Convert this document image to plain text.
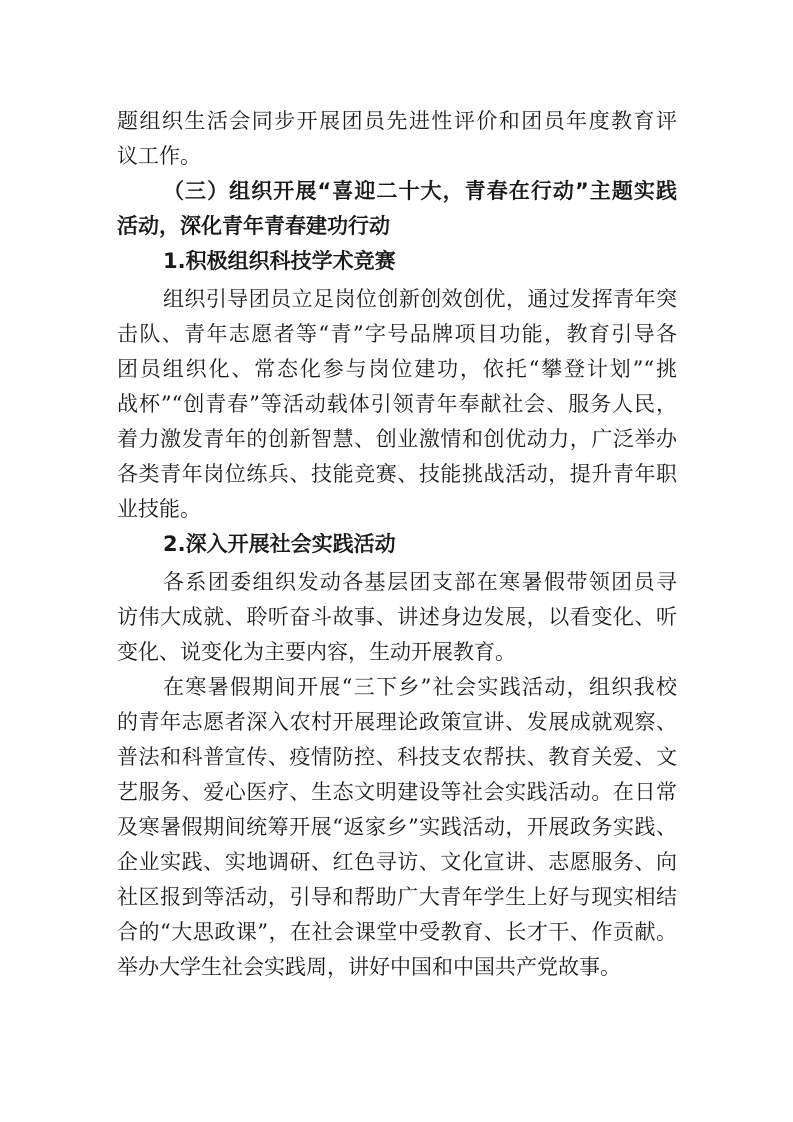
题组织生活会同步开展团员先进性评价和团员年度教育评
议工作。
（三）组织开展“喜迎二十大，青春在行动”主题实践
活动，深化青年青春建功行动
1.积极组织科技学术竞赛
组织引导团员立足岗位创新创效创优，通过发挥青年突
击队、青年志愿者等“青”字号品牌项目功能，教育引导各
团员组织化、常态化参与岗位建功，依托“攀登计划”“挑
战杯”“创青春”等活动载体引领青年奉献社会、服务人民，
着力激发青年的创新智慧、创业激情和创优动力，广泛举办
各类青年岗位练兵、技能竞赛、技能挑战活动，提升青年职
业技能。
2.深入开展社会实践活动
各系团委组织发动各基层团支部在寒暑假带领团员寻
访伟大成就、聆听奋斗故事、讲述身边发展，以看变化、听
变化、说变化为主要内容，生动开展教育。
在寒暑假期间开展“三下乡”社会实践活动，组织我校
的青年志愿者深入农村开展理论政策宣讲、发展成就观察、
普法和科普宣传、疫情防控、科技支农帮扶、教育关爱、文
艺服务、爱心医疗、生态文明建设等社会实践活动。在日常
及寒暑假期间统筹开展“返家乡”实践活动，开展政务实践、
企业实践、实地调研、红色寻访、文化宣讲、志愿服务、向
社区报到等活动，引导和帮助广大青年学生上好与现实相结
合的“大思政课”，在社会课堂中受教育、长才干、作贡献。
举办大学生社会实践周，讲好中国和中国共产党故事。
